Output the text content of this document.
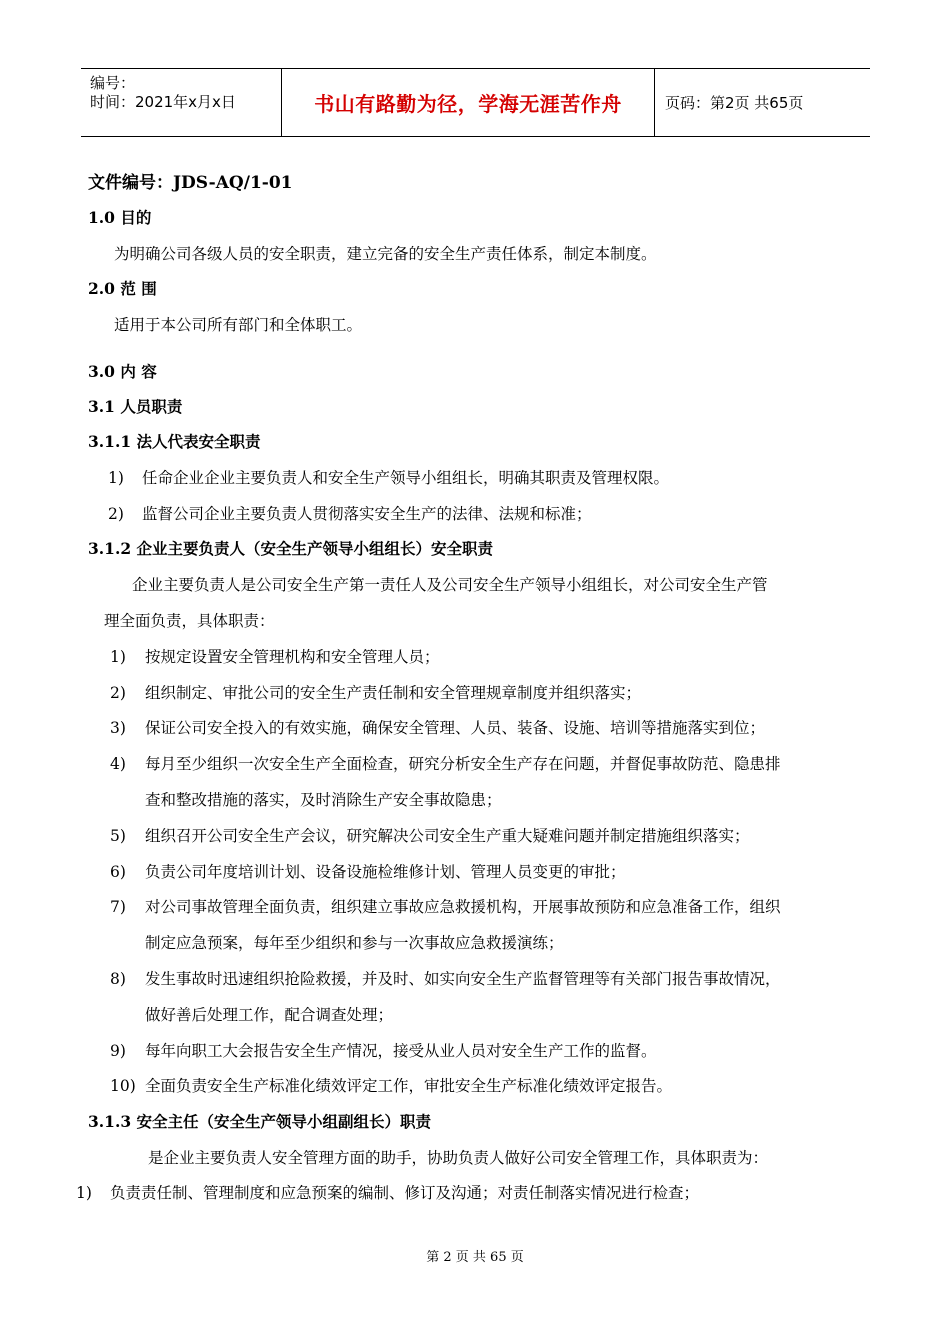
编号：
时间：2021年x月x日	书山有路勤为径，学海无涯苦作舟	页码：第2页 共65页
文件编号：JDS-AQ/1-01
1.0 目的
为明确公司各级人员的安全职责，建立完备的安全生产责任体系，制定本制度。
2.0 范 围
适用于本公司所有部门和全体职工。
3.0 内 容
3.1 人员职责
3.1.1 法人代表安全职责
1) 任命企业企业主要负责人和安全生产领导小组组长，明确其职责及管理权限。
2) 监督公司企业主要负责人贯彻落实安全生产的法律、法规和标准；
3.1.2 企业主要负责人（安全生产领导小组组长）安全职责
企业主要负责人是公司安全生产第一责任人及公司安全生产领导小组组长，对公司安全生产管
理全面负责，具体职责：
1) 按规定设置安全管理机构和安全管理人员；
2) 组织制定、审批公司的安全生产责任制和安全管理规章制度并组织落实；
3) 保证公司安全投入的有效实施，确保安全管理、人员、装备、设施、培训等措施落实到位；
4) 每月至少组织一次安全生产全面检查，研究分析安全生产存在问题，并督促事故防范、隐患排
查和整改措施的落实，及时消除生产安全事故隐患；
5) 组织召开公司安全生产会议，研究解决公司安全生产重大疑难问题并制定措施组织落实；
6) 负责公司年度培训计划、设备设施检维修计划、管理人员变更的审批；
7) 对公司事故管理全面负责，组织建立事故应急救援机构，开展事故预防和应急准备工作，组织
制定应急预案，每年至少组织和参与一次事故应急救援演练；
8) 发生事故时迅速组织抢险救援，并及时、如实向安全生产监督管理等有关部门报告事故情况，
做好善后处理工作，配合调查处理；
9) 每年向职工大会报告安全生产情况，接受从业人员对安全生产工作的监督。
10) 全面负责安全生产标准化绩效评定工作，审批安全生产标准化绩效评定报告。
3.1.3 安全主任（安全生产领导小组副组长）职责
是企业主要负责人安全管理方面的助手，协助负责人做好公司安全管理工作，具体职责为：
1) 负责责任制、管理制度和应急预案的编制、修订及沟通；对责任制落实情况进行检查；
第 2 页 共 65 页
